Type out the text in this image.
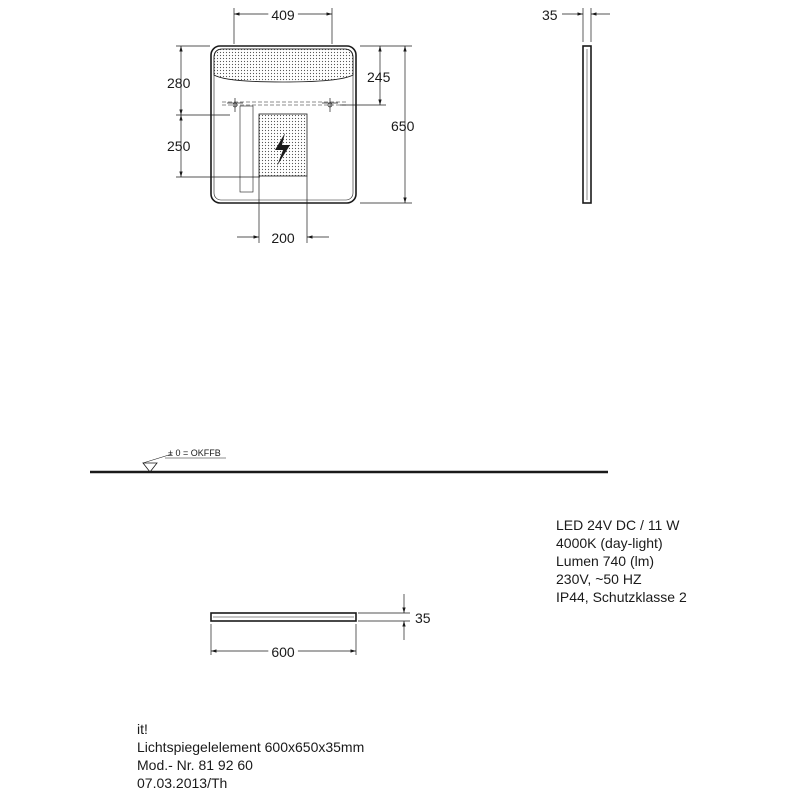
409
650
245
280
250
200
35
± 0 = OKFFB
600
35
LED 24V DC / 11 W
4000K (day-light)
Lumen 740 (lm)
230V, ~50 HZ
IP44, Schutzklasse 2
it!
Lichtspiegelelement 600x650x35mm
Mod.- Nr. 81 92 60
07.03.2013/Th
